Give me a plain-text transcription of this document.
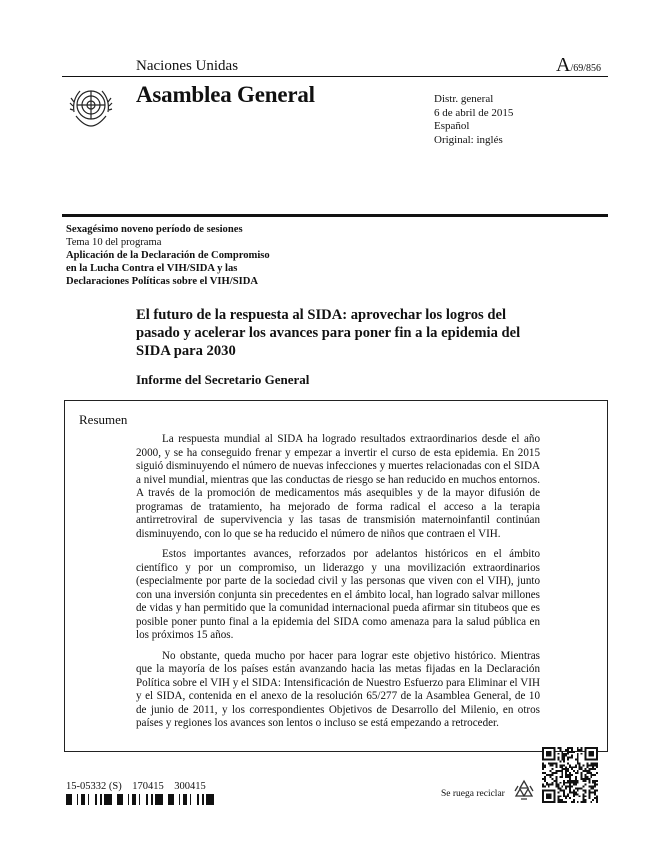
Naciones Unidas	A/69/856
Asamblea General	Distr. general
6 de abril de 2015
Español
Original: inglés
Sexagésimo noveno período de sesiones
Tema 10 del programa
Aplicación de la Declaración de Compromiso
en la Lucha Contra el VIH/SIDA y las
Declaraciones Políticas sobre el VIH/SIDA
El futuro de la respuesta al SIDA: aprovechar los logros del pasado y acelerar los avances para poner fin a la epidemia del SIDA para 2030
Informe del Secretario General
Resumen

La respuesta mundial al SIDA ha logrado resultados extraordinarios desde el año 2000, y se ha conseguido frenar y empezar a invertir el curso de esta epidemia. En 2015 siguió disminuyendo el número de nuevas infecciones y muertes relacionadas con el SIDA a nivel mundial, mientras que las conductas de riesgo se han reducido en muchos entornos. A través de la promoción de medicamentos más asequibles y de la mayor difusión de programas de tratamiento, ha mejorado de forma radical el acceso a la terapia antirretroviral de supervivencia y las tasas de transmisión maternoinfantil continúan disminuyendo, con lo que se ha reducido el número de niños que contraen el VIH.

Estos importantes avances, reforzados por adelantos históricos en el ámbito científico y por un compromiso, un liderazgo y una movilización extraordinarios (especialmente por parte de la sociedad civil y las personas que viven con el VIH), junto con una inversión conjunta sin precedentes en el ámbito local, han logrado salvar millones de vidas y han permitido que la comunidad internacional pueda afirmar sin titubeos que es posible poner punto final a la epidemia del SIDA como amenaza para la salud pública en los próximos 15 años.

No obstante, queda mucho por hacer para lograr este objetivo histórico. Mientras que la mayoría de los países están avanzando hacia las metas fijadas en la Declaración Política sobre el VIH y el SIDA: Intensificación de Nuestro Esfuerzo para Eliminar el VIH y el SIDA, contenida en el anexo de la resolución 65/277 de la Asamblea General, de 10 de junio de 2011, y los correspondientes Objetivos de Desarrollo del Milenio, en otros países y regiones los avances son lentos o incluso se está empezando a retroceder.

15-05332 (S)    170415    300415
Se ruega reciclar
